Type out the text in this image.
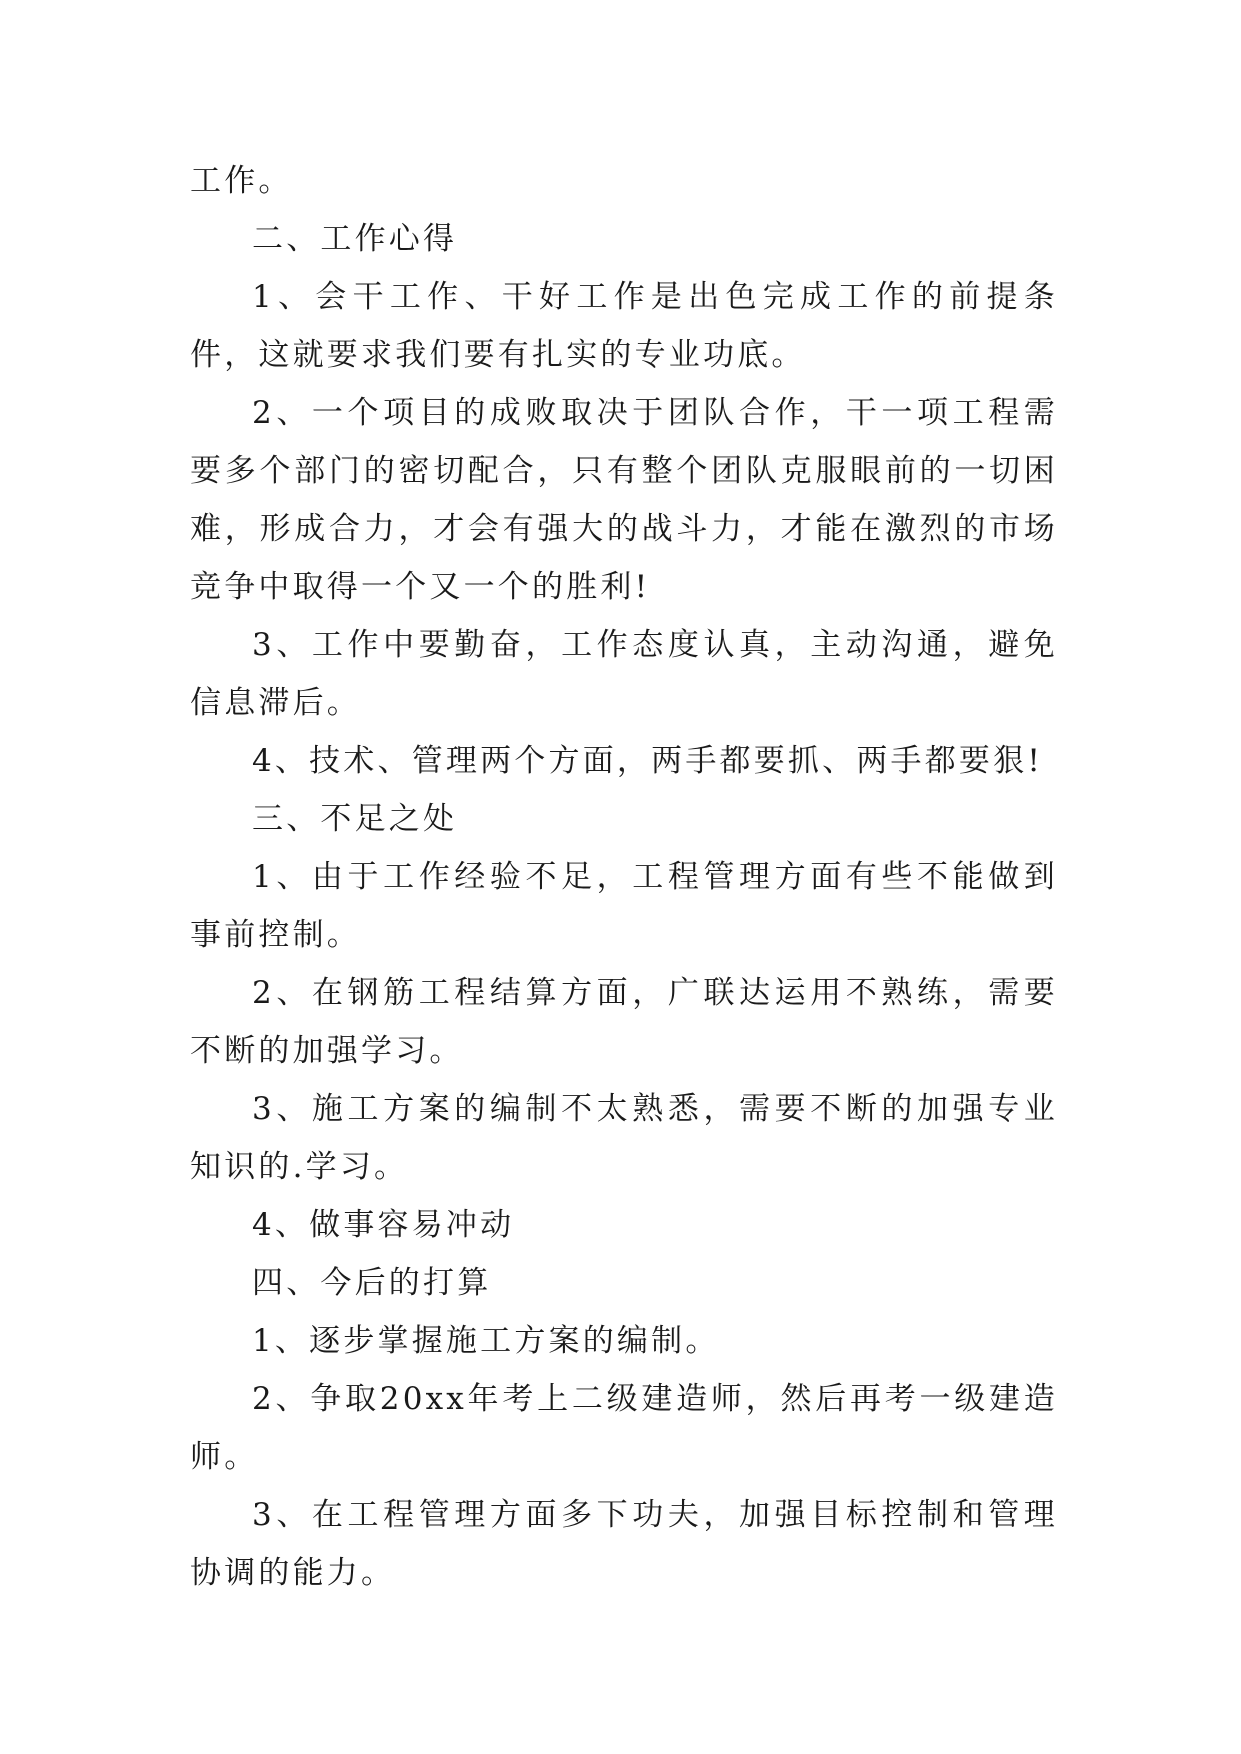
工作。

二、工作心得

1、会干工作、干好工作是出色完成工作的前提条件，这就要求我们要有扎实的专业功底。

2、一个项目的成败取决于团队合作，干一项工程需要多个部门的密切配合，只有整个团队克服眼前的一切困难，形成合力，才会有强大的战斗力，才能在激烈的市场竞争中取得一个又一个的胜利!

3、工作中要勤奋，工作态度认真，主动沟通，避免信息滞后。

4、技术、管理两个方面，两手都要抓、两手都要狠!

三、不足之处

1、由于工作经验不足，工程管理方面有些不能做到事前控制。

2、在钢筋工程结算方面，广联达运用不熟练，需要不断的加强学习。

3、施工方案的编制不太熟悉，需要不断的加强专业知识的.学习。

4、做事容易冲动

四、今后的打算

1、逐步掌握施工方案的编制。

2、争取20xx年考上二级建造师，然后再考一级建造师。

3、在工程管理方面多下功夫，加强目标控制和管理协调的能力。
